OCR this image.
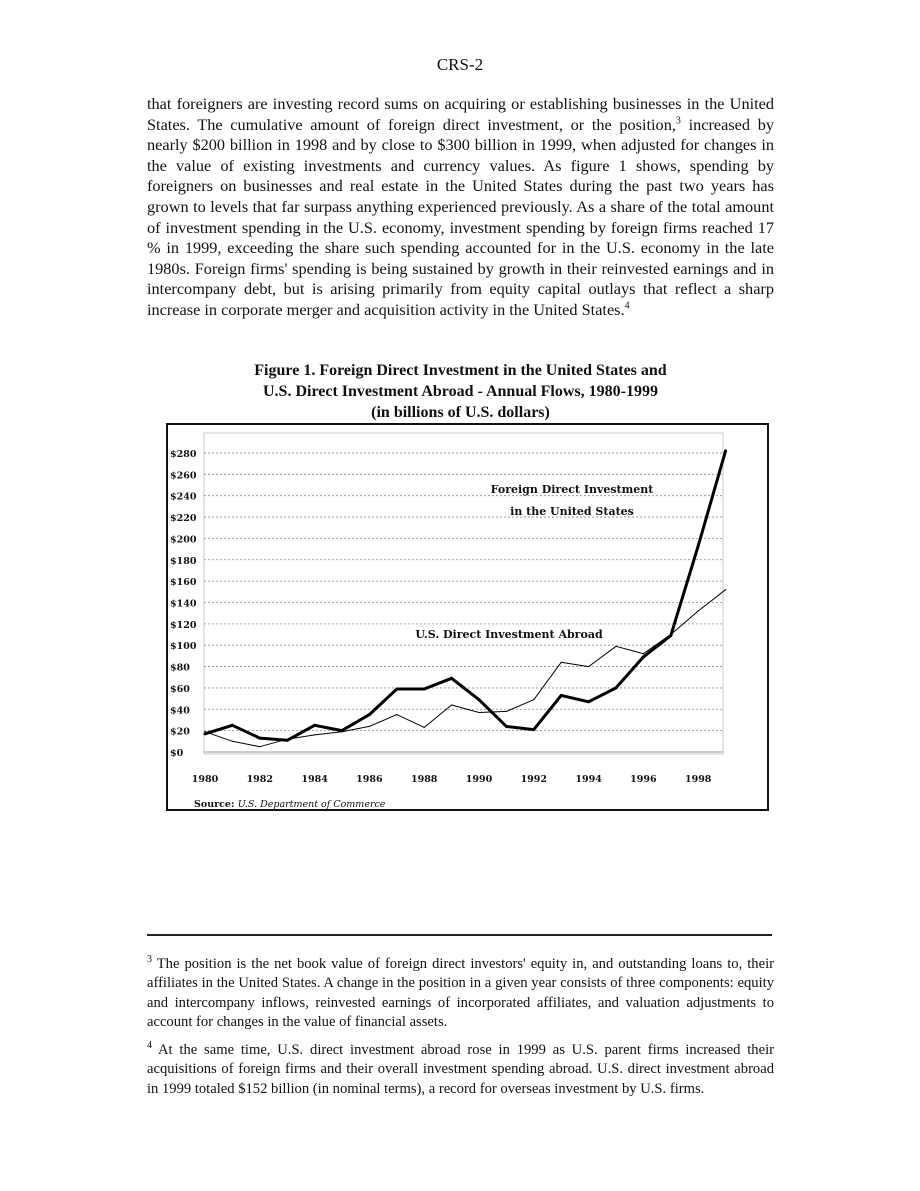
CRS-2

that foreigners are investing record sums on acquiring or establishing businesses in the United States. The cumulative amount of foreign direct investment, or the position,$^3$ increased by nearly $200 billion in 1998 and by close to $300 billion in 1999, when adjusted for changes in the value of existing investments and currency values. As figure 1 shows, spending by foreigners on businesses and real estate in the United States during the past two years has grown to levels that far surpass anything experienced previously. As a share of the total amount of investment spending in the U.S. economy, investment spending by foreign firms reached 17 % in 1999, exceeding the share such spending accounted for in the U.S. economy in the late 1980s. Foreign firms' spending is being sustained by growth in their reinvested earnings and in intercompany debt, but is arising primarily from equity capital outlays that reflect a sharp increase in corporate merger and acquisition activity in the United States.$^4$

Figure 1. Foreign Direct Investment in the United States and
U.S. Direct Investment Abroad - Annual Flows, 1980-1999
(in billions of U.S. dollars)
$0
$20
$40
$60
$80
$100
$120
$140
$160
$180
$200
$220
$240
$260
$280
1980	1982	1984	1986	1988	1990	1992	1994	1996	1998
Foreign Direct Investment
in the United States
U.S. Direct Investment Abroad
Source: U.S. Department of Commerce

$^3$ The position is the net book value of foreign direct investors' equity in, and outstanding loans to, their affiliates in the United States. A change in the position in a given year consists of three components: equity and intercompany inflows, reinvested earnings of incorporated affiliates, and valuation adjustments to account for changes in the value of financial assets.

$^4$ At the same time, U.S. direct investment abroad rose in 1999 as U.S. parent firms increased their acquisitions of foreign firms and their overall investment spending abroad. U.S. direct investment abroad in 1999 totaled $152 billion (in nominal terms), a record for overseas investment by U.S. firms.
